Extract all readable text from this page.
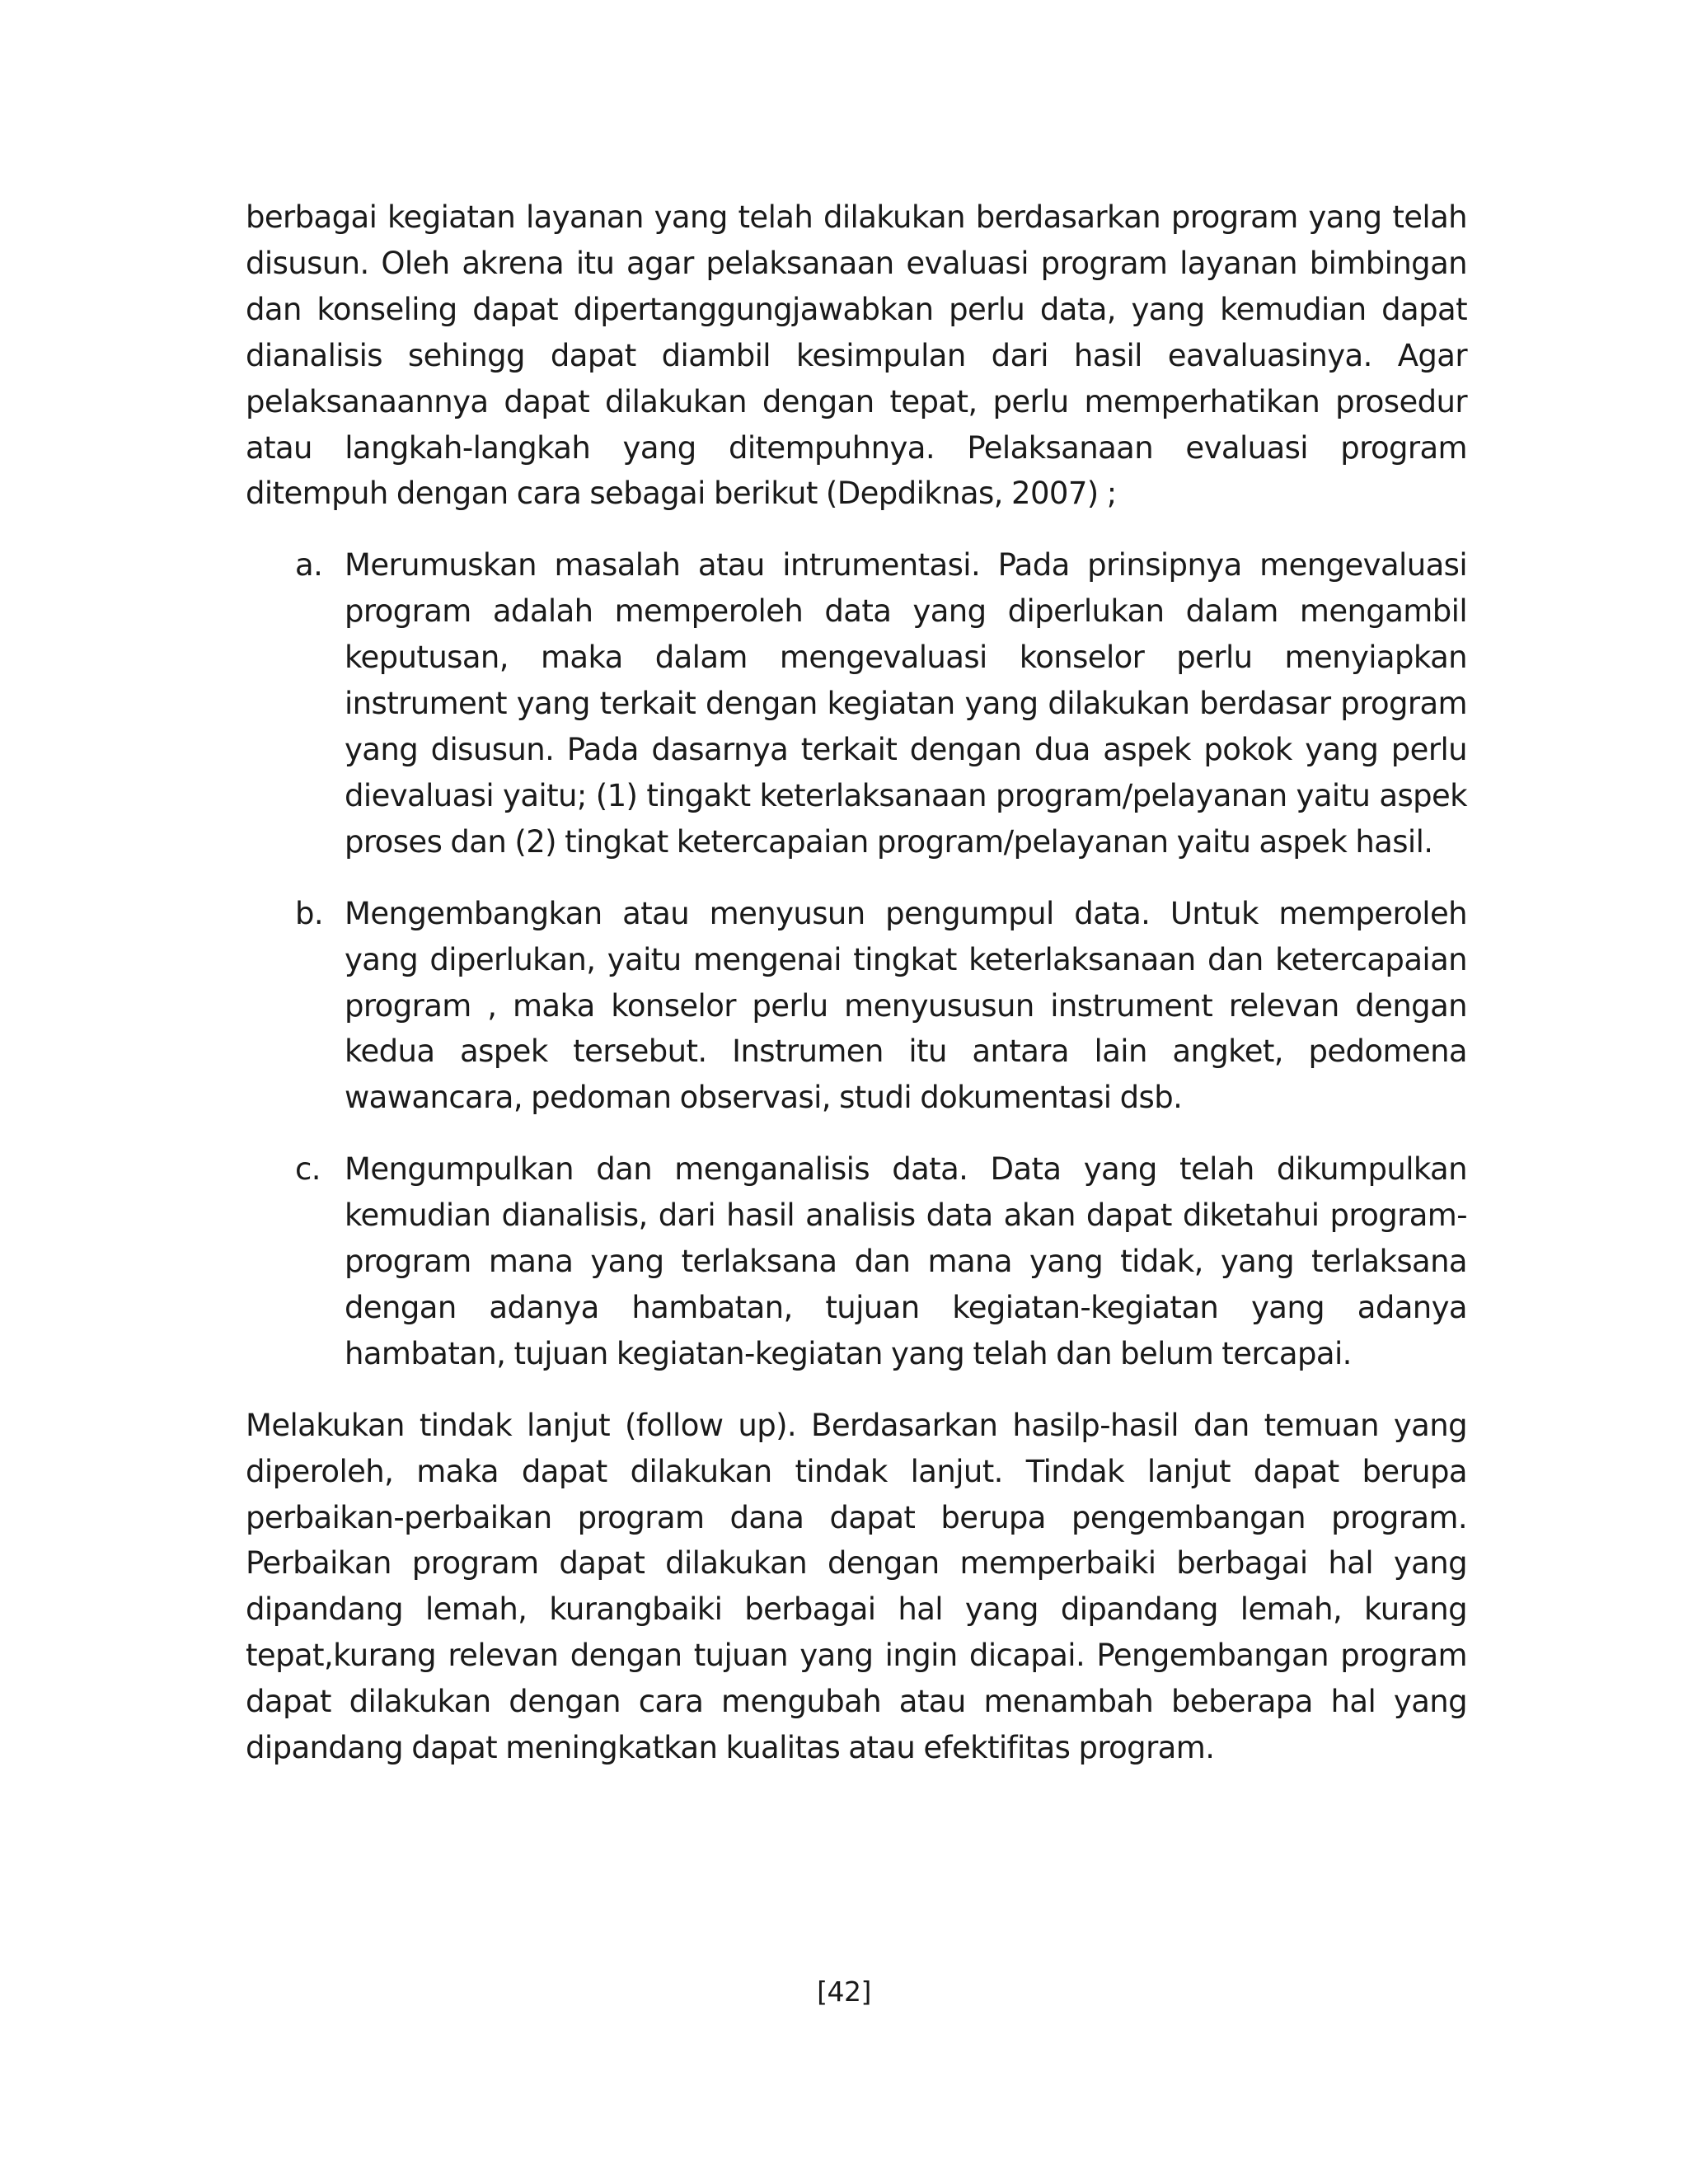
berbagai kegiatan layanan yang telah dilakukan berdasarkan program yang telah disusun. Oleh akrena itu agar pelaksanaan evaluasi program layanan bimbingan dan konseling dapat dipertanggungjawabkan perlu data, yang kemudian dapat dianalisis sehingg dapat diambil kesimpulan dari hasil eavaluasinya. Agar pelaksanaannya dapat dilakukan dengan tepat, perlu memperhatikan prosedur atau langkah-langkah yang ditempuhnya. Pelaksanaan evaluasi program ditempuh dengan cara sebagai berikut (Depdiknas, 2007) ;

a. Merumuskan masalah atau intrumentasi. Pada prinsipnya mengevaluasi program adalah memperoleh data yang diperlukan dalam mengambil keputusan, maka dalam mengevaluasi konselor perlu menyiapkan instrument yang terkait dengan kegiatan yang dilakukan berdasar program yang disusun. Pada dasarnya terkait dengan dua aspek pokok yang perlu dievaluasi yaitu; (1) tingakt keterlaksanaan program/pelayanan yaitu aspek proses dan (2) tingkat ketercapaian program/pelayanan yaitu aspek hasil.

b. Mengembangkan atau menyusun pengumpul data. Untuk memperoleh yang diperlukan, yaitu mengenai tingkat keterlaksanaan dan ketercapaian program , maka konselor perlu menyususun instrument relevan dengan kedua aspek tersebut. Instrumen itu antara lain angket, pedomena wawancara, pedoman observasi, studi dokumentasi dsb.

c. Mengumpulkan dan menganalisis data. Data yang telah dikumpulkan kemudian dianalisis, dari hasil analisis data akan dapat diketahui program-program mana yang terlaksana dan mana yang tidak, yang terlaksana dengan adanya hambatan, tujuan kegiatan-kegiatan yang adanya hambatan, tujuan kegiatan-kegiatan yang telah dan belum tercapai.

Melakukan tindak lanjut (follow up). Berdasarkan hasilp-hasil dan temuan yang diperoleh, maka dapat dilakukan tindak lanjut. Tindak lanjut dapat berupa perbaikan-perbaikan program dana dapat berupa pengembangan program. Perbaikan program dapat dilakukan dengan memperbaiki berbagai hal yang dipandang lemah, kurangbaiki berbagai hal yang dipandang lemah, kurang tepat,kurang relevan dengan tujuan yang ingin dicapai. Pengembangan program dapat dilakukan dengan cara mengubah atau menambah beberapa hal yang dipandang dapat meningkatkan kualitas atau efektifitas program.

[42]
